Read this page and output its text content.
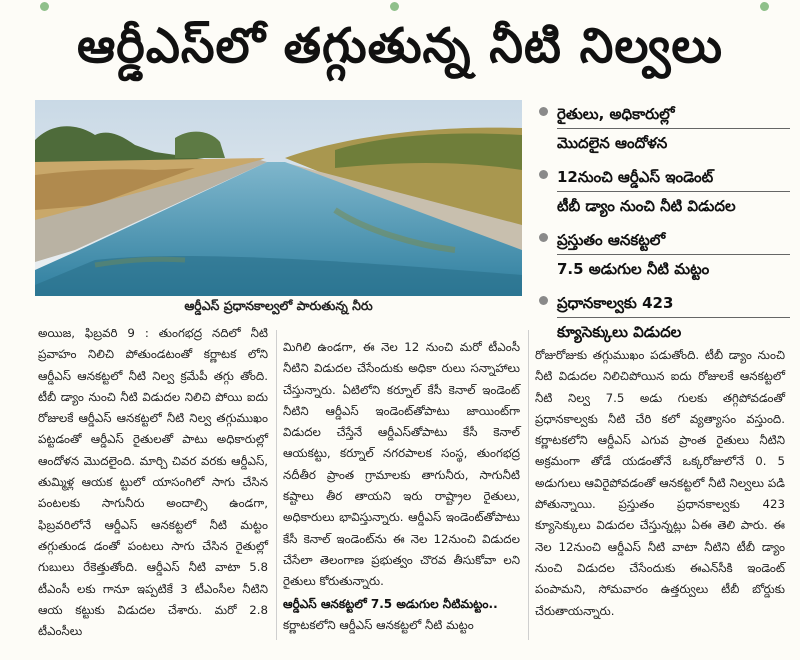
ఆర్డీఎస్‌లో తగ్గుతున్న నీటి నిల్వలు
ఆర్డీఎస్ ప్రధానకాల్వలో పారుతున్న నీరు
రైతులు, అధికారుల్లో
మొదలైన ఆందోళన
12నుంచి ఆర్డీఎస్ ఇండెంట్
టీబీ డ్యాం నుంచి నీటి విడుదల
ప్రస్తుతం ఆనకట్టలో
7.5 అడుగుల నీటి మట్టం
ప్రధానకాల్వకు 423
క్యూసెక్కులు విడుదల

అయిజ, ఫిబ్రవరి 9 : తుంగభద్ర నదిలో నీటి ప్రవాహం నిలిచి పోతుండటంతో కర్ణాటక లోని ఆర్డీఎస్ ఆనకట్టలో నీటి నిల్వ క్రమేపీ తగ్గు తోంది. టీబీ డ్యాం నుంచి నీటి విడుదల నిలిచి పోయి ఐదు రోజులకే ఆర్డీఎస్ ఆనకట్టలో నీటి నిల్వ తగ్గుముఖం పట్టడంతో ఆర్డీఎస్ రైతులతో పాటు అధికారుల్లో ఆందోళన మొదలైంది. మార్చి చివర వరకు ఆర్డీఎస్, తుమ్మిళ్ల ఆయక ట్టులో యాసంగిలో సాగు చేసిన పంటలకు సాగునీరు అందాల్సి ఉండగా, ఫిబ్రవరిలోనే ఆర్డీఎస్ ఆనకట్టలో నీటి మట్టం తగ్గుతుండ డంతో పంటలు సాగు చేసిన రైతుల్లో గుబులు రేకెత్తుతోంది. ఆర్డీఎస్ నీటి వాటా 5.8 టీఎంసీ లకు గానూ ఇప్పటికే 3 టీఎంసీల నీటిని ఆయ కట్టుకు విడుదల చేశారు. మరో 2.8 టీఎంసీలు

మిగిలి ఉండగా, ఈ నెల 12 నుంచి మరో టీఎంసీ నీటిని విడుదల చేసేందుకు అధికా రులు సన్నాహాలు చేస్తున్నారు. ఏటిలోని కర్నూల్ కేసీ కెనాల్ ఇండెంట్ నీటిని ఆర్డీఎస్ ఇండెంట్‌తోపాటు జాయింట్‌గా విడుదల చేస్తేనే ఆర్డీఎస్‌తోపాటు కేసీ కెనాల్ ఆయకట్టు, కర్నూల్ నగరపాలక సంస్థ, తుంగభద్ర నదీతీర ప్రాంత గ్రామాలకు తాగునీరు, సాగునీటి కష్టాలు తీర తాయని ఇరు రాష్ట్రాల రైతులు, అధికారులు భావిస్తున్నారు. ఆర్డీఎస్ ఇండెంట్‌తోపాటు కేసీ కెనాల్ ఇండెంట్‌ను ఈ నెల 12నుంచి విడుదల చేసేలా తెలంగాణ ప్రభుత్వం చొరవ తీసుకోవా లని రైతులు కోరుతున్నారు.

ఆర్డీఎస్ ఆనకట్టలో 7.5 అడుగుల నీటిమట్టం..

కర్ణాటకలోని ఆర్డీఎస్ ఆనకట్టలో నీటి మట్టం

రోజురోజుకు తగ్గుముఖం పడుతోంది. టీబీ డ్యాం నుంచి నీటి విడుదల నిలిచిపోయిన ఐదు రోజులకే ఆనకట్టలో నీటి నిల్వ 7.5 అడు గులకు తగ్గిపోవడంతో ప్రధానకాల్వకు నీటి చేరి కలో వ్యత్యాసం వస్తుంది. కర్ణాటకలోని ఆర్డీఎస్ ఎగువ ప్రాంత రైతులు నీటిని అక్రమంగా తోడే యడంతోనే ఒక్కరోజులోనే 0. 5 అడుగులు ఆవిరైపోవడంతో ఆనకట్టలో నీటి నిల్వలు పడి పోతున్నాయి. ప్రస్తుతం ప్రధానకాల్వకు 423 క్యూసెక్కులు విడుదల చేస్తున్నట్లు ఏఈ తెలి పారు. ఈ నెల 12నుంచి ఆర్డీఎస్ నీటి వాటా నీటిని టీబీ డ్యాం నుంచి విడుదల చేసేందుకు ఈఎన్‌సీకి ఇండెంట్ పంపామని, సోమవారం ఉత్తర్వులు టీబీ బోర్డుకు చేరుతాయన్నారు.
